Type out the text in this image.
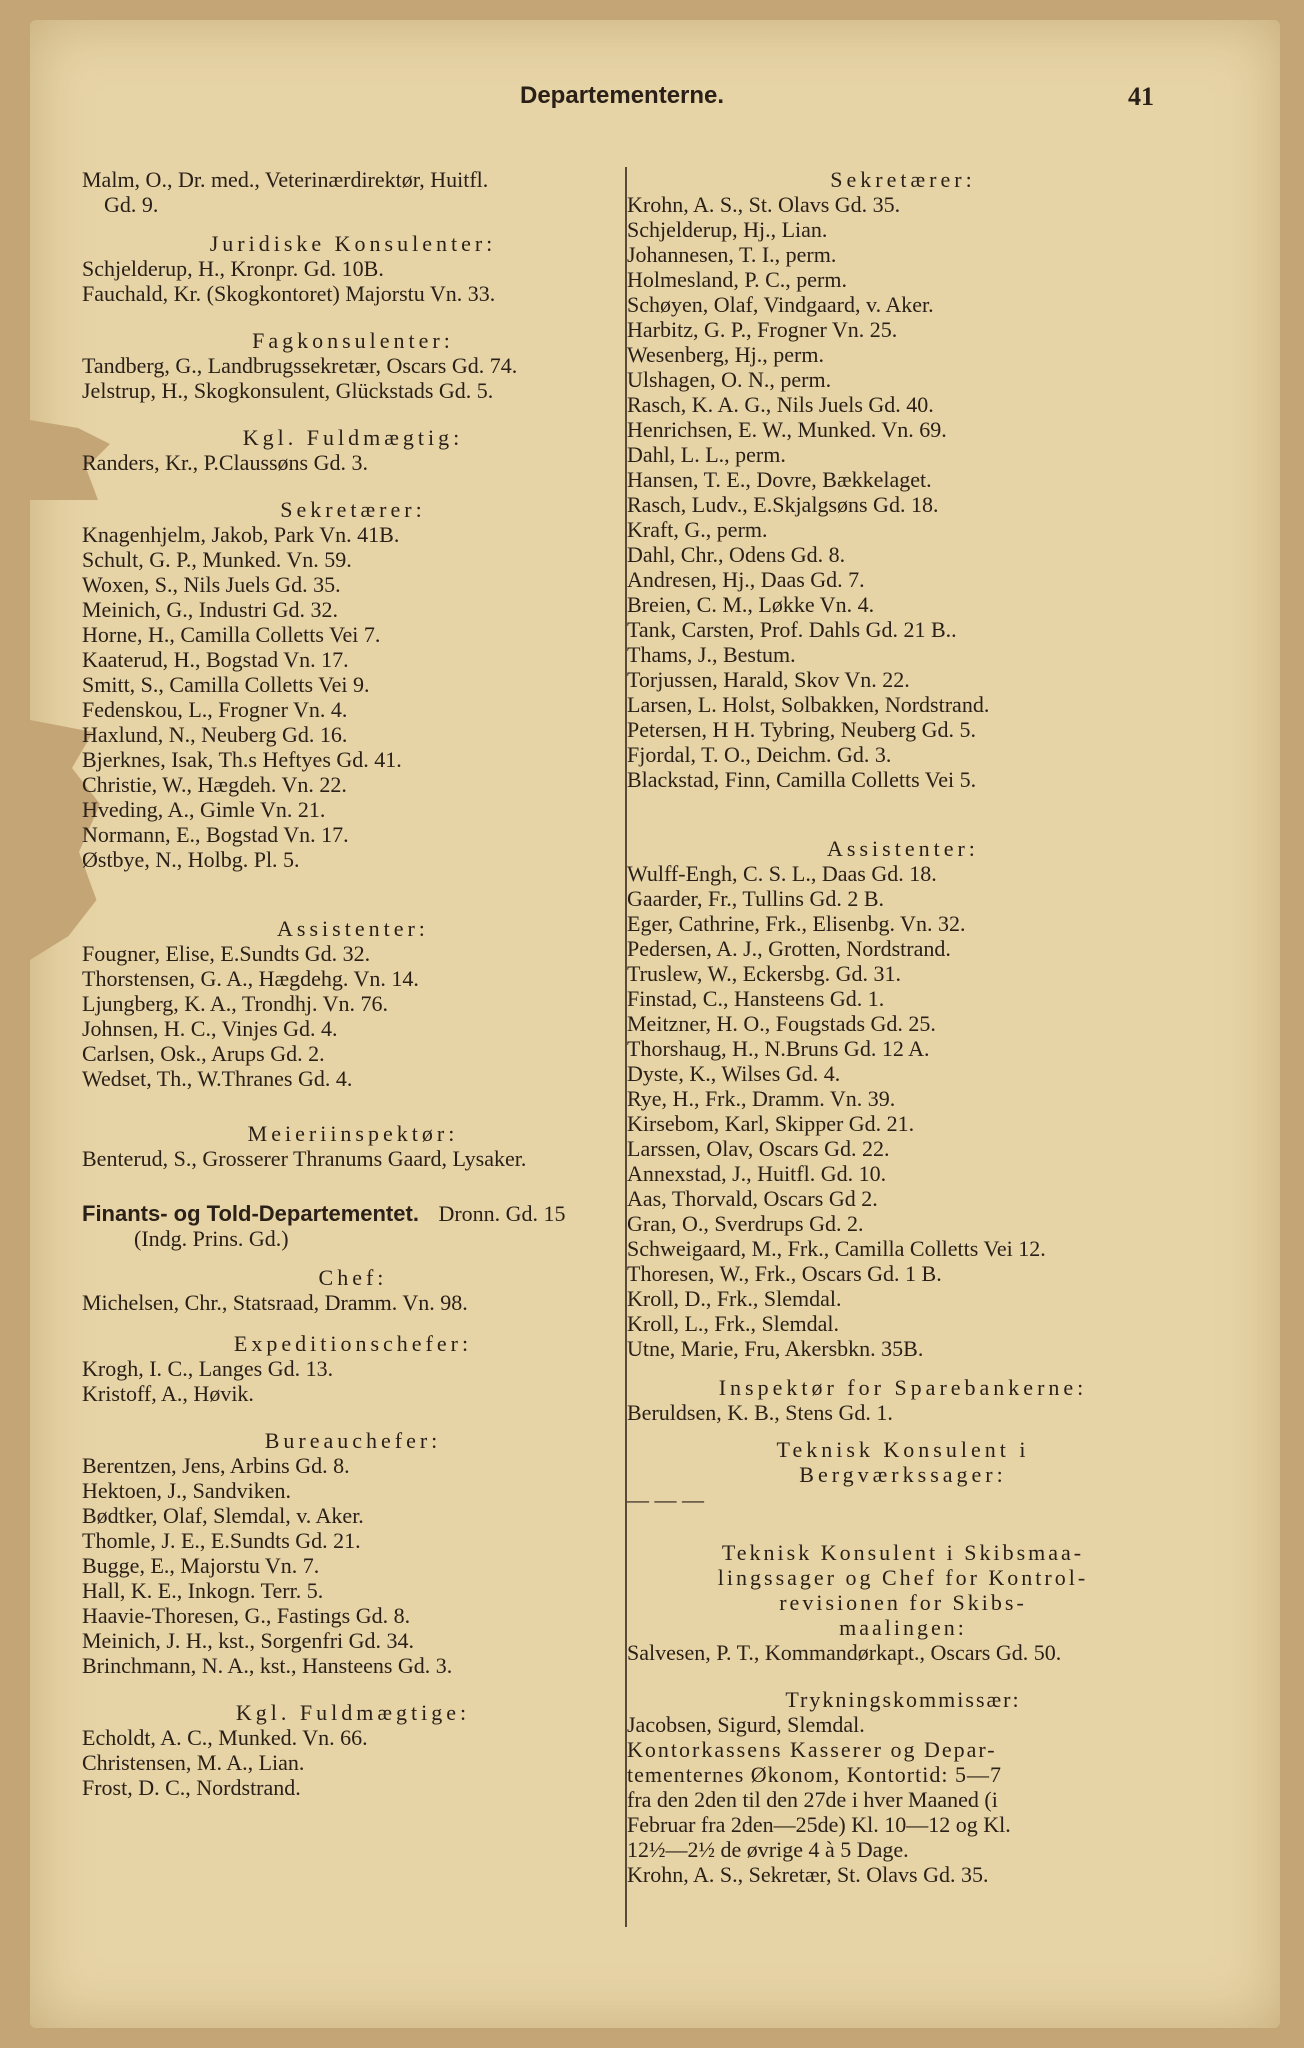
Departementerne.	41
Malm, O., Dr. med., Veterinærdirektør, Huitfl.
Gd. 9.
Juridiske Konsulenter:
Schjelderup, H., Kronpr. Gd. 10B.
Fauchald, Kr. (Skogkontoret) Majorstu Vn. 33.
Fagkonsulenter:
Tandberg, G., Landbrugssekretær, Oscars Gd. 74.
Jelstrup, H., Skogkonsulent, Glückstads Gd. 5.
Kgl. Fuldmægtig:
Randers, Kr., P.Claussøns Gd. 3.
Sekretærer:
Knagenhjelm, Jakob, Park Vn. 41B.
Schult, G. P., Munked. Vn. 59.
Woxen, S., Nils Juels Gd. 35.
Meinich, G., Industri Gd. 32.
Horne, H., Camilla Colletts Vei 7.
Kaaterud, H., Bogstad Vn. 17.
Smitt, S., Camilla Colletts Vei 9.
Fedenskou, L., Frogner Vn. 4.
Haxlund, N., Neuberg Gd. 16.
Bjerknes, Isak, Th.s Heftyes Gd. 41.
Christie, W., Hægdeh. Vn. 22.
Hveding, A., Gimle Vn. 21.
Normann, E., Bogstad Vn. 17.
Østbye, N., Holbg. Pl. 5.
Assistenter:
Fougner, Elise, E.Sundts Gd. 32.
Thorstensen, G. A., Hægdehg. Vn. 14.
Ljungberg, K. A., Trondhj. Vn. 76.
Johnsen, H. C., Vinjes Gd. 4.
Carlsen, Osk., Arups Gd. 2.
Wedset, Th., W.Thranes Gd. 4.
Meieriinspektør:
Benterud, S., Grosserer Thranums Gaard, Lysaker.
Finants- og Told-Departementet. Dronn. Gd. 15
(Indg. Prins. Gd.)
Chef:
Michelsen, Chr., Statsraad, Dramm. Vn. 98.
Expeditionschefer:
Krogh, I. C., Langes Gd. 13.
Kristoff, A., Høvik.
Bureauchefer:
Berentzen, Jens, Arbins Gd. 8.
Hektoen, J., Sandviken.
Bødtker, Olaf, Slemdal, v. Aker.
Thomle, J. E., E.Sundts Gd. 21.
Bugge, E., Majorstu Vn. 7.
Hall, K. E., Inkogn. Terr. 5.
Haavie-Thoresen, G., Fastings Gd. 8.
Meinich, J. H., kst., Sorgenfri Gd. 34.
Brinchmann, N. A., kst., Hansteens Gd. 3.
Kgl. Fuldmægtige:
Echoldt, A. C., Munked. Vn. 66.
Christensen, M. A., Lian.
Frost, D. C., Nordstrand.
Sekretærer:
Krohn, A. S., St. Olavs Gd. 35.
Schjelderup, Hj., Lian.
Johannesen, T. I., perm.
Holmesland, P. C., perm.
Schøyen, Olaf, Vindgaard, v. Aker.
Harbitz, G. P., Frogner Vn. 25.
Wesenberg, Hj., perm.
Ulshagen, O. N., perm.
Rasch, K. A. G., Nils Juels Gd. 40.
Henrichsen, E. W., Munked. Vn. 69.
Dahl, L. L., perm.
Hansen, T. E., Dovre, Bækkelaget.
Rasch, Ludv., E.Skjalgsøns Gd. 18.
Kraft, G., perm.
Dahl, Chr., Odens Gd. 8.
Andresen, Hj., Daas Gd. 7.
Breien, C. M., Løkke Vn. 4.
Tank, Carsten, Prof. Dahls Gd. 21 B..
Thams, J., Bestum.
Torjussen, Harald, Skov Vn. 22.
Larsen, L. Holst, Solbakken, Nordstrand.
Petersen, H H. Tybring, Neuberg Gd. 5.
Fjordal, T. O., Deichm. Gd. 3.
Blackstad, Finn, Camilla Colletts Vei 5.
Assistenter:
Wulff-Engh, C. S. L., Daas Gd. 18.
Gaarder, Fr., Tullins Gd. 2 B.
Eger, Cathrine, Frk., Elisenbg. Vn. 32.
Pedersen, A. J., Grotten, Nordstrand.
Truslew, W., Eckersbg. Gd. 31.
Finstad, C., Hansteens Gd. 1.
Meitzner, H. O., Fougstads Gd. 25.
Thorshaug, H., N.Bruns Gd. 12 A.
Dyste, K., Wilses Gd. 4.
Rye, H., Frk., Dramm. Vn. 39.
Kirsebom, Karl, Skipper Gd. 21.
Larssen, Olav, Oscars Gd. 22.
Annexstad, J., Huitfl. Gd. 10.
Aas, Thorvald, Oscars Gd 2.
Gran, O., Sverdrups Gd. 2.
Schweigaard, M., Frk., Camilla Colletts Vei 12.
Thoresen, W., Frk., Oscars Gd. 1 B.
Kroll, D., Frk., Slemdal.
Kroll, L., Frk., Slemdal.
Utne, Marie, Fru, Akersbkn. 35B.
Inspektør for Sparebankerne:
Beruldsen, K. B., Stens Gd. 1.
Teknisk Konsulent i
Bergværkssager:
— — —
Teknisk Konsulent i Skibsmaa-
lingssager og Chef for Kontrol-
revisionen for Skibs-
maalingen:
Salvesen, P. T., Kommandørkapt., Oscars Gd. 50.
Trykningskommissær:
Jacobsen, Sigurd, Slemdal.
Kontorkassens Kasserer og Depar-
tementernes Økonom, Kontortid: 5—7
fra den 2den til den 27de i hver Maaned (i
Februar fra 2den—25de) Kl. 10—12 og Kl.
12½—2½ de øvrige 4 à 5 Dage.
Krohn, A. S., Sekretær, St. Olavs Gd. 35.
